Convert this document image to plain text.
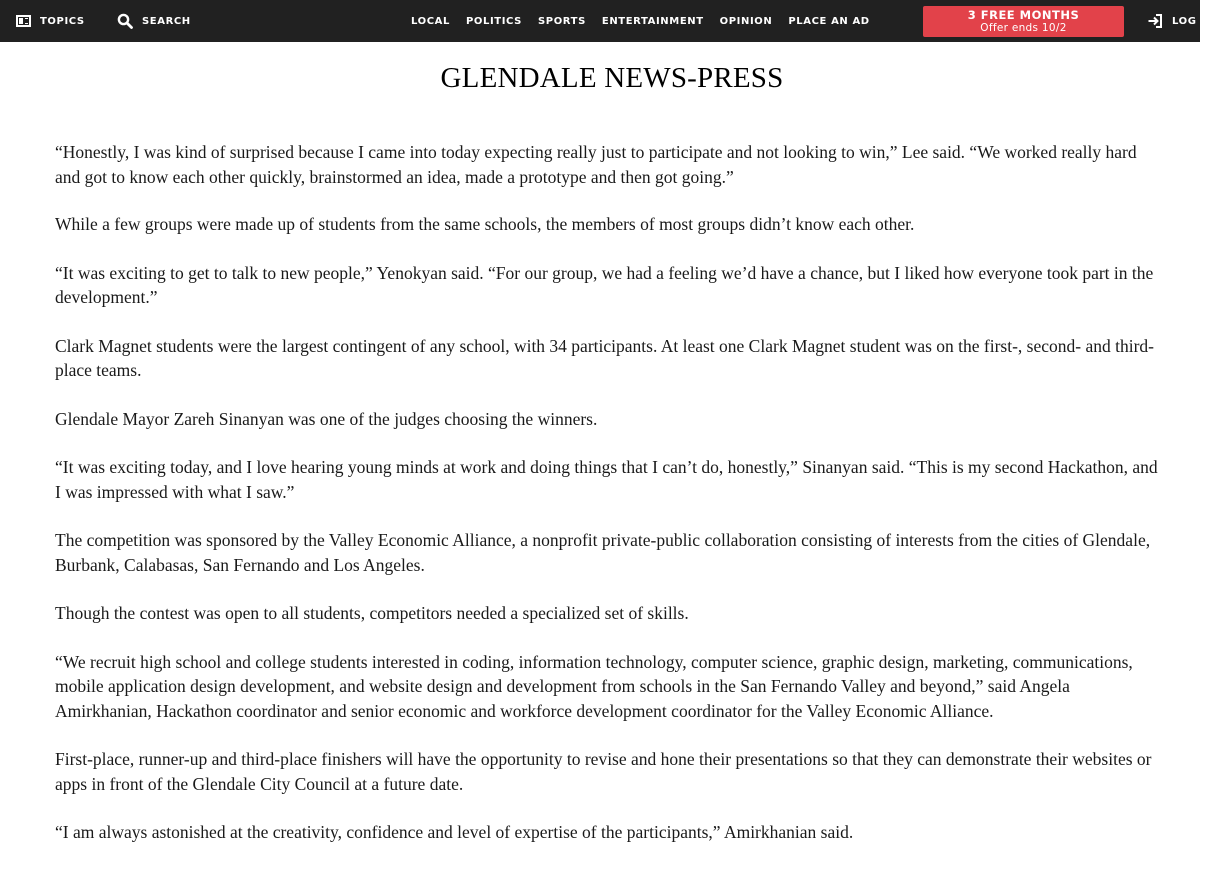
TOPICS	SEARCH	LOCAL POLITICS SPORTS ENTERTAINMENT OPINION PLACE AN AD	3 FREE MONTHS
Offer ends 10/2
LOG I
GLENDALE NEWS-PRESS

“Honestly, I was kind of surprised because I came into today expecting really just to participate and not looking to win,” Lee said. “We worked really hard and got to know each other quickly, brainstormed an idea, made a prototype and then got going.”

While a few groups were made up of students from the same schools, the members of most groups didn’t know each other.

“It was exciting to get to talk to new people,” Yenokyan said. “For our group, we had a feeling we’d have a chance, but I liked how everyone took part in the development.”

Clark Magnet students were the largest contingent of any school, with 34 participants. At least one Clark Magnet student was on the first-, second- and third-place teams.

Glendale Mayor Zareh Sinanyan was one of the judges choosing the winners.

“It was exciting today, and I love hearing young minds at work and doing things that I can’t do, honestly,” Sinanyan said. “This is my second Hackathon, and I was impressed with what I saw.”

The competition was sponsored by the Valley Economic Alliance, a nonprofit private-public collaboration consisting of interests from the cities of Glendale, Burbank, Calabasas, San Fernando and Los Angeles.

Though the contest was open to all students, competitors needed a specialized set of skills.

“We recruit high school and college students interested in coding, information technology, computer science, graphic design, marketing, communications, mobile application design development, and website design and development from schools in the San Fernando Valley and beyond,” said Angela Amirkhanian, Hackathon coordinator and senior economic and workforce development coordinator for the Valley Economic Alliance.

First-place, runner-up and third-place finishers will have the opportunity to revise and hone their presentations so that they can demonstrate their websites or apps in front of the Glendale City Council at a future date.

“I am always astonished at the creativity, confidence and level of expertise of the participants,” Amirkhanian said.
